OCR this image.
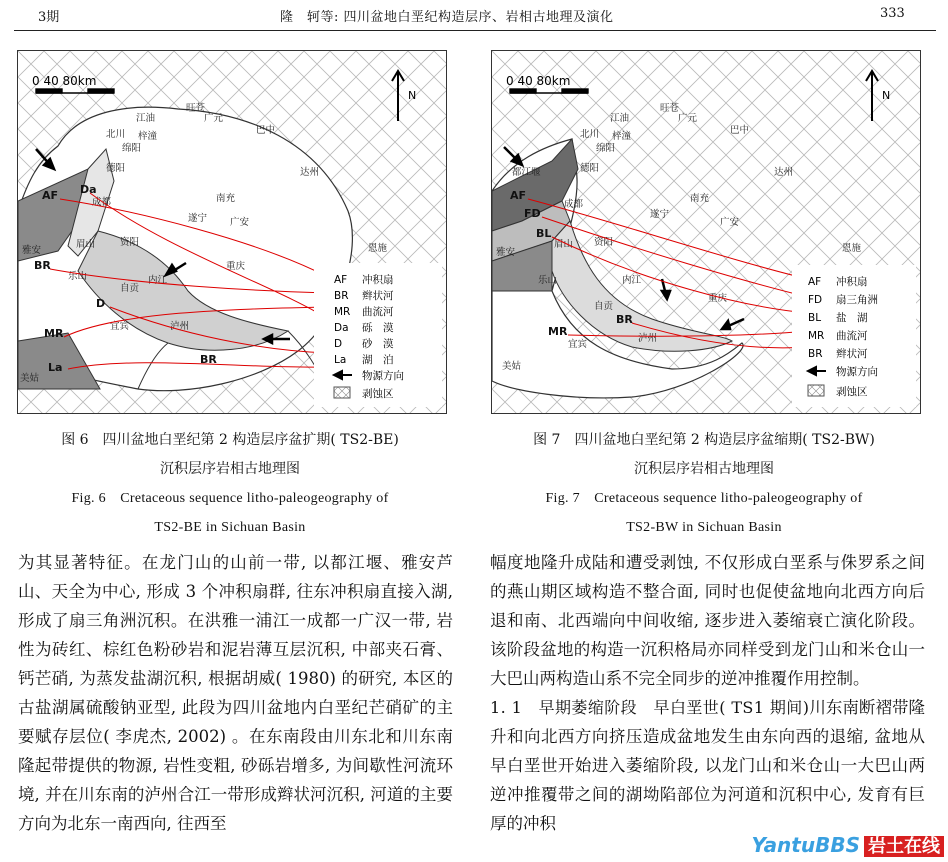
3期	隆　轲等: 四川盆地白垩纪构造层序、岩相古地理及演化	333
0 40 80km
N
广元
旺苍
江油
北川 梓潼
巴中
绵阳
德阳	达州
南充
遂宁 广安
成都
眉山	资阳
雅安	恩施
乐山	内江
自贡
重庆
宜宾	泸州
美姑
AF Da
BR
D
MR
La
BR
AF 冲积扇
BR 辫状河
MR 曲流河
Da 砾　漠
D 砂　漠
La 湖　泊
物源方向
剥蚀区
0 40 80km
N
广元
旺苍
江油
北川 梓潼
巴中
绵阳
德阳	达州
南充
遂宁
广安
都江堰
成都
眉山 资阳
雅安	恩施
乐山	内江
自贡
重庆
宜宾
泸州
美姑
AF
FD
BL
MR
BR
AF 冲积扇
FD 扇三角洲
BL 盐　湖
MR 曲流河
BR 辫状河
物源方向
剥蚀区
图 6　四川盆地白垩纪第 2 构造层序盆扩期( TS2-BE)
沉积层序岩相古地理图
Fig. 6　Cretaceous sequence litho-paleogeography of
TS2-BE in Sichuan Basin
图 7　四川盆地白垩纪第 2 构造层序盆缩期( TS2-BW)
沉积层序岩相古地理图
Fig. 7　Cretaceous sequence litho-paleogeography of
TS2-BW in Sichuan Basin

为其显著特征。在龙门山的山前一带, 以都江堰、雅安芦山、天全为中心, 形成 3 个冲积扇群, 往东冲积扇直接入湖, 形成了扇三角洲沉积。在洪雅一浦江一成都一广汉一带, 岩性为砖红、棕红色粉砂岩和泥岩薄互层沉积, 中部夹石膏、钙芒硝, 为蒸发盐湖沉积, 根据胡威( 1980) 的研究, 本区的古盐湖属硫酸钠亚型, 此段为四川盆地内白垩纪芒硝矿的主要赋存层位( 李虎杰, 2002) 。在东南段由川东北和川东南隆起带提供的物源, 岩性变粗, 砂砾岩增多, 为间歇性河流环境, 并在川东南的泸州合江一带形成辫状河沉积, 河道的主要方向为北东一南西向, 往西至

幅度地隆升成陆和遭受剥蚀, 不仅形成白垩系与侏罗系之间的燕山期区域构造不整合面, 同时也促使盆地向北西方向后退和南、北西端向中间收缩, 逐步进入萎缩衰亡演化阶段。该阶段盆地的构造一沉积格局亦同样受到龙门山和米仓山一大巴山两构造山系不完全同步的逆冲推覆作用控制。

1. 1　早期萎缩阶段　早白垩世( TS1 期间)川东南断褶带隆升和向北西方向挤压造成盆地发生由东向西的退缩, 盆地从早白垩世开始进入萎缩阶段, 以龙门山和米仓山一大巴山两逆冲推覆带之间的湖坳陷部位为河道和沉积中心, 发育有巨厚的冲积

YantuBBS 岩土在线
